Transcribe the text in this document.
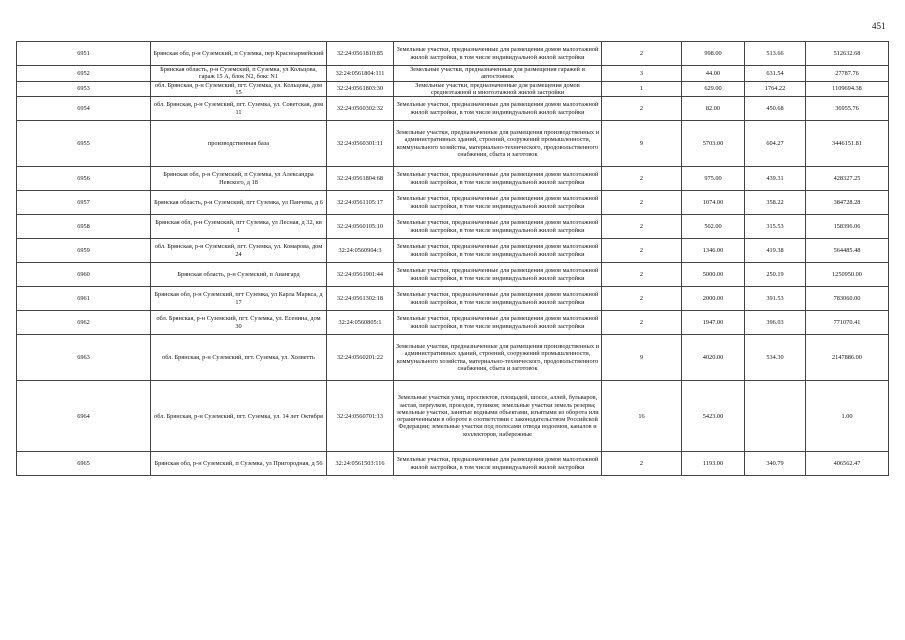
451
6951	Брянская обл, р-н Суземский, п Суземка, пер Красноармейский	32:24:0561810:85	Земельные участки, предназначенные для размещения домов малоэтажной жилой застройки, в том числе индивидуальной жилой застройки	2	998.00	513.66	512632.68
6952	Брянская область, р-н Суземский, п Суземка, ул Кольцова, гараж 15 А, блок N2, бокс N1	32:24:0561804:111	Земельные участки, предназначенные для размещения гаражей и автостоянок	3	44.00	631.54	27787.76
6953	обл. Брянская, р-н Суземский, пгт. Суземка, ул. Кольцова, дом 15	32:24:0561803:30	Земельные участки, предназначенные для размещения домов среднеэтажной и многоэтажной жилой застройки	1	629.00	1764.22	1109694.38
6954	обл. Брянская, р-н Суземский, пгт. Суземка, ул. Советская, дом 11	32:24:0560302:32	Земельные участки, предназначенные для размещения домов малоэтажной жилой застройки, в том числе индивидуальной жилой застройки	2	82.00	450.68	36955.76
6955	производственная база	32:24:0560301:11	Земельные участки, предназначенные для размещения производственных и административных зданий, строений, сооружений промышленности, коммунального хозяйства, материально-технического, продовольственного снабжения, сбыта и заготовок	9	5703.00	604.27	3446151.81
6956	Брянская обл, р-н Суземский, п Суземка, ул Александра Невского, д 18	32:24:0561804:68	Земельные участки, предназначенные для размещения домов малоэтажной жилой застройки, в том числе индивидуальной жилой застройки	2	975.00	439.31	428327.25
6957	Брянская область, р-н Суземский, пгт Суземка, ул Панчева, д 6	32:24:0561105:17	Земельные участки, предназначенные для размещения домов малоэтажной жилой застройки, в том числе индивидуальной жилой застройки	2	1074.00	358.22	384728.28
6958	Брянская обл, р-н Суземский, пгт Суземка, ул Лесная, д 32, кв 1	32:24:0560105:10	Земельные участки, предназначенные для размещения домов малоэтажной жилой застройки, в том числе индивидуальной жилой застройки	2	502.00	315.53	158396.06
6959	обл. Брянская, р-н Суземский, пгт. Суземка, ул. Комарова, дом 24	32:24:0560904:3	Земельные участки, предназначенные для размещения домов малоэтажной жилой застройки, в том числе индивидуальной жилой застройки	2	1346.00	419.38	564485.48
6960	Брянская область, р-н Суземский, п Авангард	32:24:0561901:44	Земельные участки, предназначенные для размещения домов малоэтажной жилой застройки, в том числе индивидуальной жилой застройки	2	5000.00	250.19	1250950.00
6961	Брянская обл, р-н Суземский, пгт Суземка, ул Карла Маркса, д 17	32:24:0561302:18	Земельные участки, предназначенные для размещения домов малоэтажной жилой застройки, в том числе индивидуальной жилой застройки	2	2000.00	391.53	783060.00
6962	обл. Брянская, р-н Суземский, пгт. Суземка, ул. Есенина, дом 30	32:24:0560805:1	Земельные участки, предназначенные для размещения домов малоэтажной жилой застройки, в том числе индивидуальной жилой застройки	2	1947.00	396.03	771070.41
6963	обл. Брянская, р-н Суземский, пгт. Суземка, ул. Холветть	32:24:0560201:22	Земельные участки, предназначенные для размещения производственных и административных зданий, строений, сооружений промышленности, коммунального хозяйства, материально-технического, продовольственного снабжения, сбыта и заготовок	9	4020.00	534.30	2147886.00
6964	обл. Брянская, р-н Суземский, пгт. Суземка, ул. 14 лет Октября	32:24:0560701:13	Земельные участки улиц, проспектов, площадей, шоссе, аллей, бульваров, застав, переулков, проездов, тупиков; земельные участки земель резерва; земельные участки, занятые водными объектами, изъятыми из оборота или ограниченными в обороте в соответствии с законодательством Российской Федерации; земельные участки под полосами отвода водоемов, каналов и коллекторов, набережные	16	5423.00		1.00
6965	Брянская обл, р-н Суземский, п Суземка, ул Пригородная, д 56	32:24:0561503:116	Земельные участки, предназначенные для размещения домов малоэтажной жилой застройки, в том числе индивидуальной жилой застройки	2	1193.00	340.79	406562.47
